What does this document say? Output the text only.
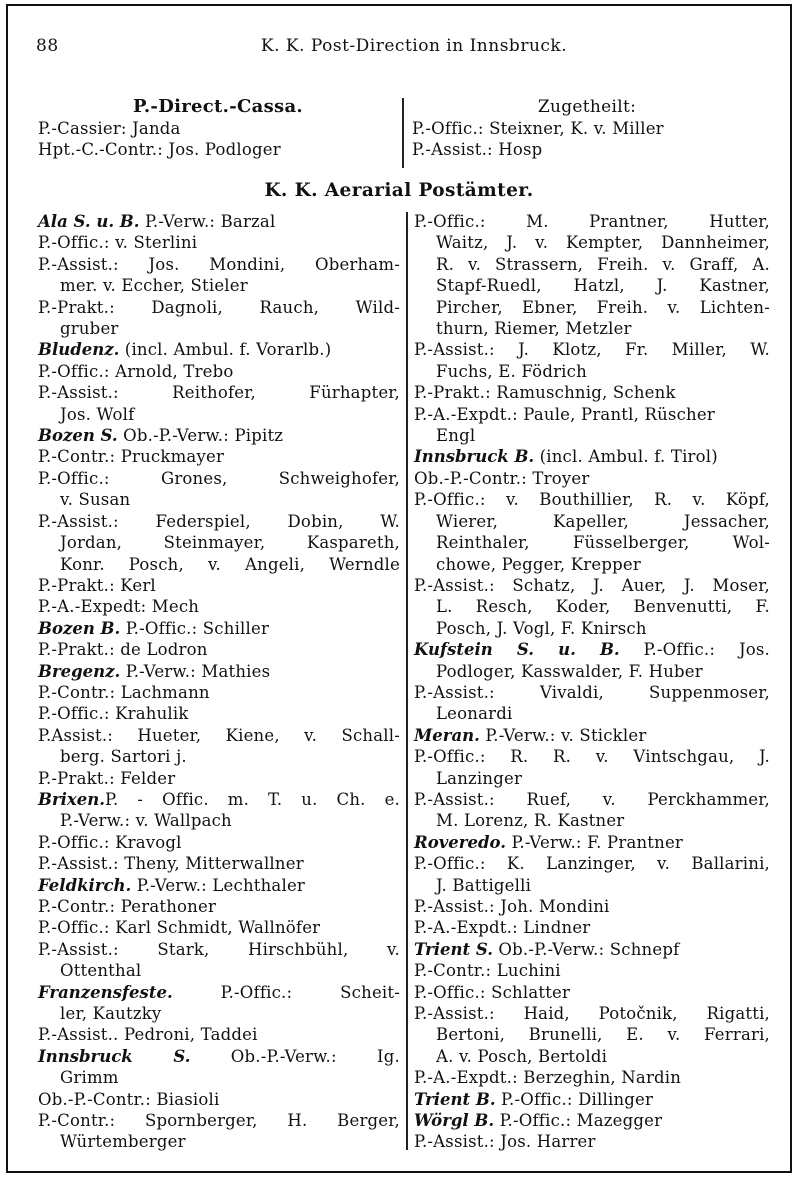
88	K. K. Post-Direction in Innsbruck.
P.-Direct.-Cassa.
P.-Cassier: Janda
Hpt.-C.-Contr.: Jos. Podloger
Zugetheilt:
P.-Offic.: Steixner, K. v. Miller
P.-Assist.: Hosp
K. K. Aerarial Postämter.
Ala S. u. B. P.-Verw.: Barzal
P.-Offic.: v. Sterlini
P.-Assist.: Jos. Mondini, Oberham-
mer. v. Eccher, Stieler
P.-Prakt.: Dagnoli, Rauch, Wild-
gruber
Bludenz. (incl. Ambul. f. Vorarlb.)
P.-Offic.: Arnold, Trebo
P.-Assist.: Reithofer, Fürhapter,
Jos. Wolf
Bozen S. Ob.-P.-Verw.: Pipitz
P.-Contr.: Pruckmayer
P.-Offic.: Grones, Schweighofer,
v. Susan
P.-Assist.: Federspiel, Dobin, W.
Jordan, Steinmayer, Kaspareth,
Konr. Posch, v. Angeli, Werndle
P.-Prakt.: Kerl
P.-A.-Expedt: Mech
Bozen B. P.-Offic.: Schiller
P.-Prakt.: de Lodron
Bregenz. P.-Verw.: Mathies
P.-Contr.: Lachmann
P.-Offic.: Krahulik
P.Assist.: Hueter, Kiene, v. Schall-
berg. Sartori j.
P.-Prakt.: Felder
Brixen.P. - Offic. m. T. u. Ch. e.
P.-Verw.: v. Wallpach
P.-Offic.: Kravogl
P.-Assist.: Theny, Mitterwallner
Feldkirch. P.-Verw.: Lechthaler
P.-Contr.: Perathoner
P.-Offic.: Karl Schmidt, Wallnöfer
P.-Assist.: Stark, Hirschbühl, v.
Ottenthal
Franzensfeste. P.-Offic.: Scheit-
ler, Kautzky
P.-Assist.. Pedroni, Taddei
Innsbruck S. Ob.-P.-Verw.: Ig.
Grimm
Ob.-P.-Contr.: Biasioli
P.-Contr.: Spornberger, H. Berger,
Würtemberger
P.-Offic.: M. Prantner, Hutter,
Waitz, J. v. Kempter, Dannheimer,
R. v. Strassern, Freih. v. Graff, A.
Stapf-Ruedl, Hatzl, J. Kastner,
Pircher, Ebner, Freih. v. Lichten-
thurn, Riemer, Metzler
P.-Assist.: J. Klotz, Fr. Miller, W.
Fuchs, E. Födrich
P.-Prakt.: Ramuschnig, Schenk
P.-A.-Expdt.: Paule, Prantl, Rüscher
Engl
Innsbruck B. (incl. Ambul. f. Tirol)
Ob.-P.-Contr.: Troyer
P.-Offic.: v. Bouthillier, R. v. Köpf,
Wierer, Kapeller, Jessacher,
Reinthaler, Füsselberger, Wol-
chowe, Pegger, Krepper
P.-Assist.: Schatz, J. Auer, J. Moser,
L. Resch, Koder, Benvenutti, F.
Posch, J. Vogl, F. Knirsch
Kufstein S. u. B. P.-Offic.: Jos.
Podloger, Kasswalder, F. Huber
P.-Assist.: Vivaldi, Suppenmoser,
Leonardi
Meran. P.-Verw.: v. Stickler
P.-Offic.: R. R. v. Vintschgau, J.
Lanzinger
P.-Assist.: Ruef, v. Perckhammer,
M. Lorenz, R. Kastner
Roveredo. P.-Verw.: F. Prantner
P.-Offic.: K. Lanzinger, v. Ballarini,
J. Battigelli
P.-Assist.: Joh. Mondini
P.-A.-Expdt.: Lindner
Trient S. Ob.-P.-Verw.: Schnepf
P.-Contr.: Luchini
P.-Offic.: Schlatter
P.-Assist.: Haid, Potočnik, Rigatti,
Bertoni, Brunelli, E. v. Ferrari,
A. v. Posch, Bertoldi
P.-A.-Expdt.: Berzeghin, Nardin
Trient B. P.-Offic.: Dillinger
Wörgl B. P.-Offic.: Mazegger
P.-Assist.: Jos. Harrer
